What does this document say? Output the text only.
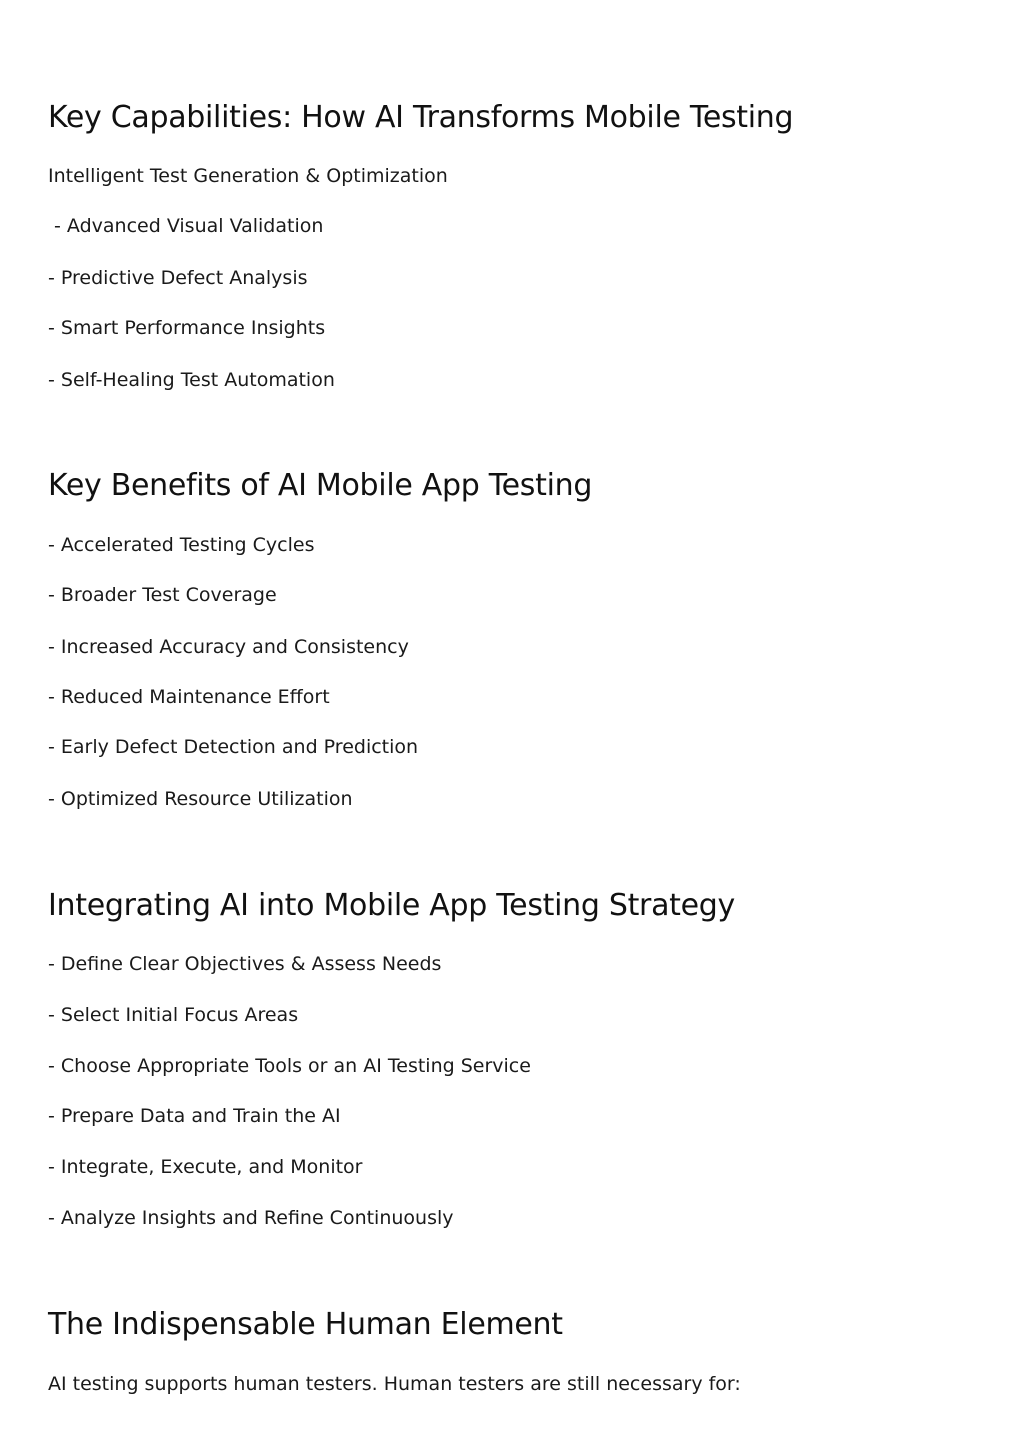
Key Capabilities: How AI Transforms Mobile Testing

Intelligent Test Generation & Optimization

- Advanced Visual Validation

- Predictive Defect Analysis

- Smart Performance Insights

- Self-Healing Test Automation

Key Benefits of AI Mobile App Testing

- Accelerated Testing Cycles

- Broader Test Coverage

- Increased Accuracy and Consistency

- Reduced Maintenance Effort

- Early Defect Detection and Prediction

- Optimized Resource Utilization

Integrating AI into Mobile App Testing Strategy

- Define Clear Objectives & Assess Needs

- Select Initial Focus Areas

- Choose Appropriate Tools or an AI Testing Service

- Prepare Data and Train the AI

- Integrate, Execute, and Monitor

- Analyze Insights and Refine Continuously

The Indispensable Human Element

AI testing supports human testers. Human testers are still necessary for:
